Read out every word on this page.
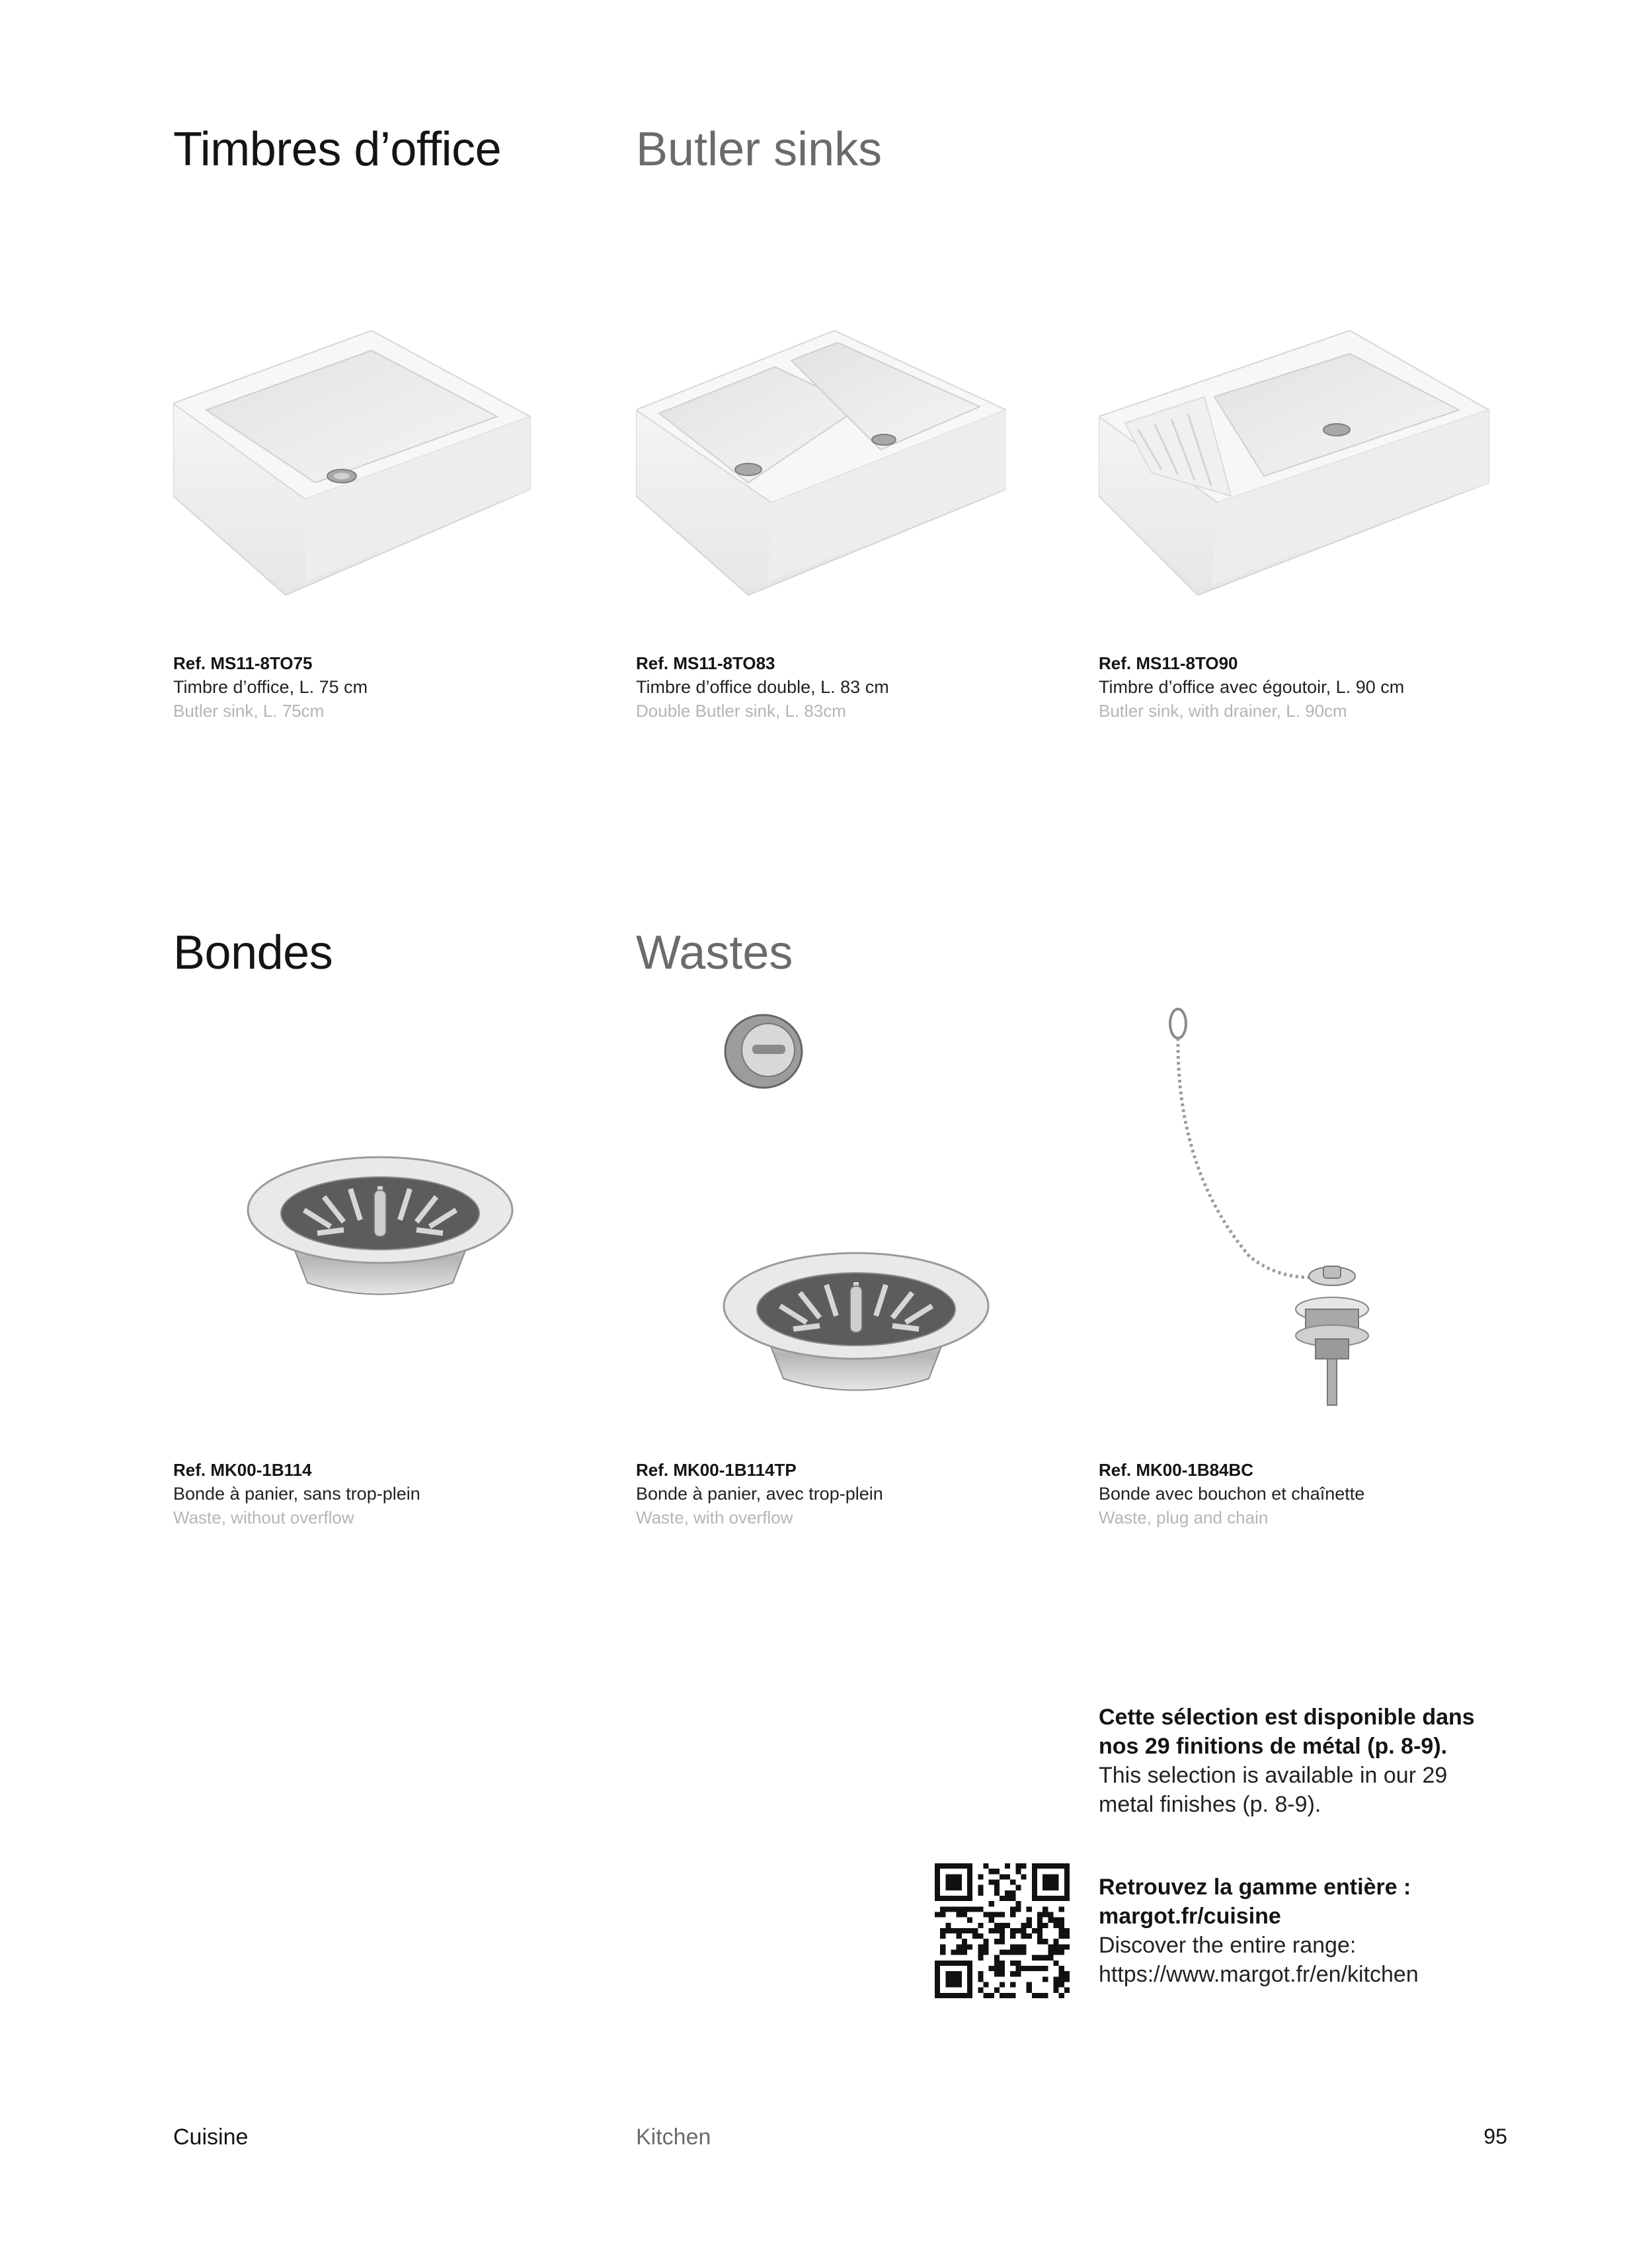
Timbres d’office	Butler sinks
Ref. MS11-8TO75
Timbre d’office, L. 75 cm
Butler sink, L. 75cm
Ref. MS11-8TO83
Timbre d’office double, L. 83 cm
Double Butler sink, L. 83cm
Ref. MS11-8TO90
Timbre d’office avec égoutoir, L. 90 cm
Butler sink, with drainer, L. 90cm
Bondes	Wastes
Ref. MK00-1B114
Bonde à panier, sans trop-plein
Waste, without overflow
Ref. MK00-1B114TP
Bonde à panier, avec trop-plein
Waste, with overflow
Ref. MK00-1B84BC
Bonde avec bouchon et chaînette
Waste, plug and chain
Cette sélection est disponible dans
nos 29 finitions de métal (p. 8-9).
This selection is available in our 29
metal finishes (p. 8-9).
Retrouvez la gamme entière :
margot.fr/cuisine
Discover the entire range:
https://www.margot.fr/en/kitchen
Cuisine	Kitchen	95
